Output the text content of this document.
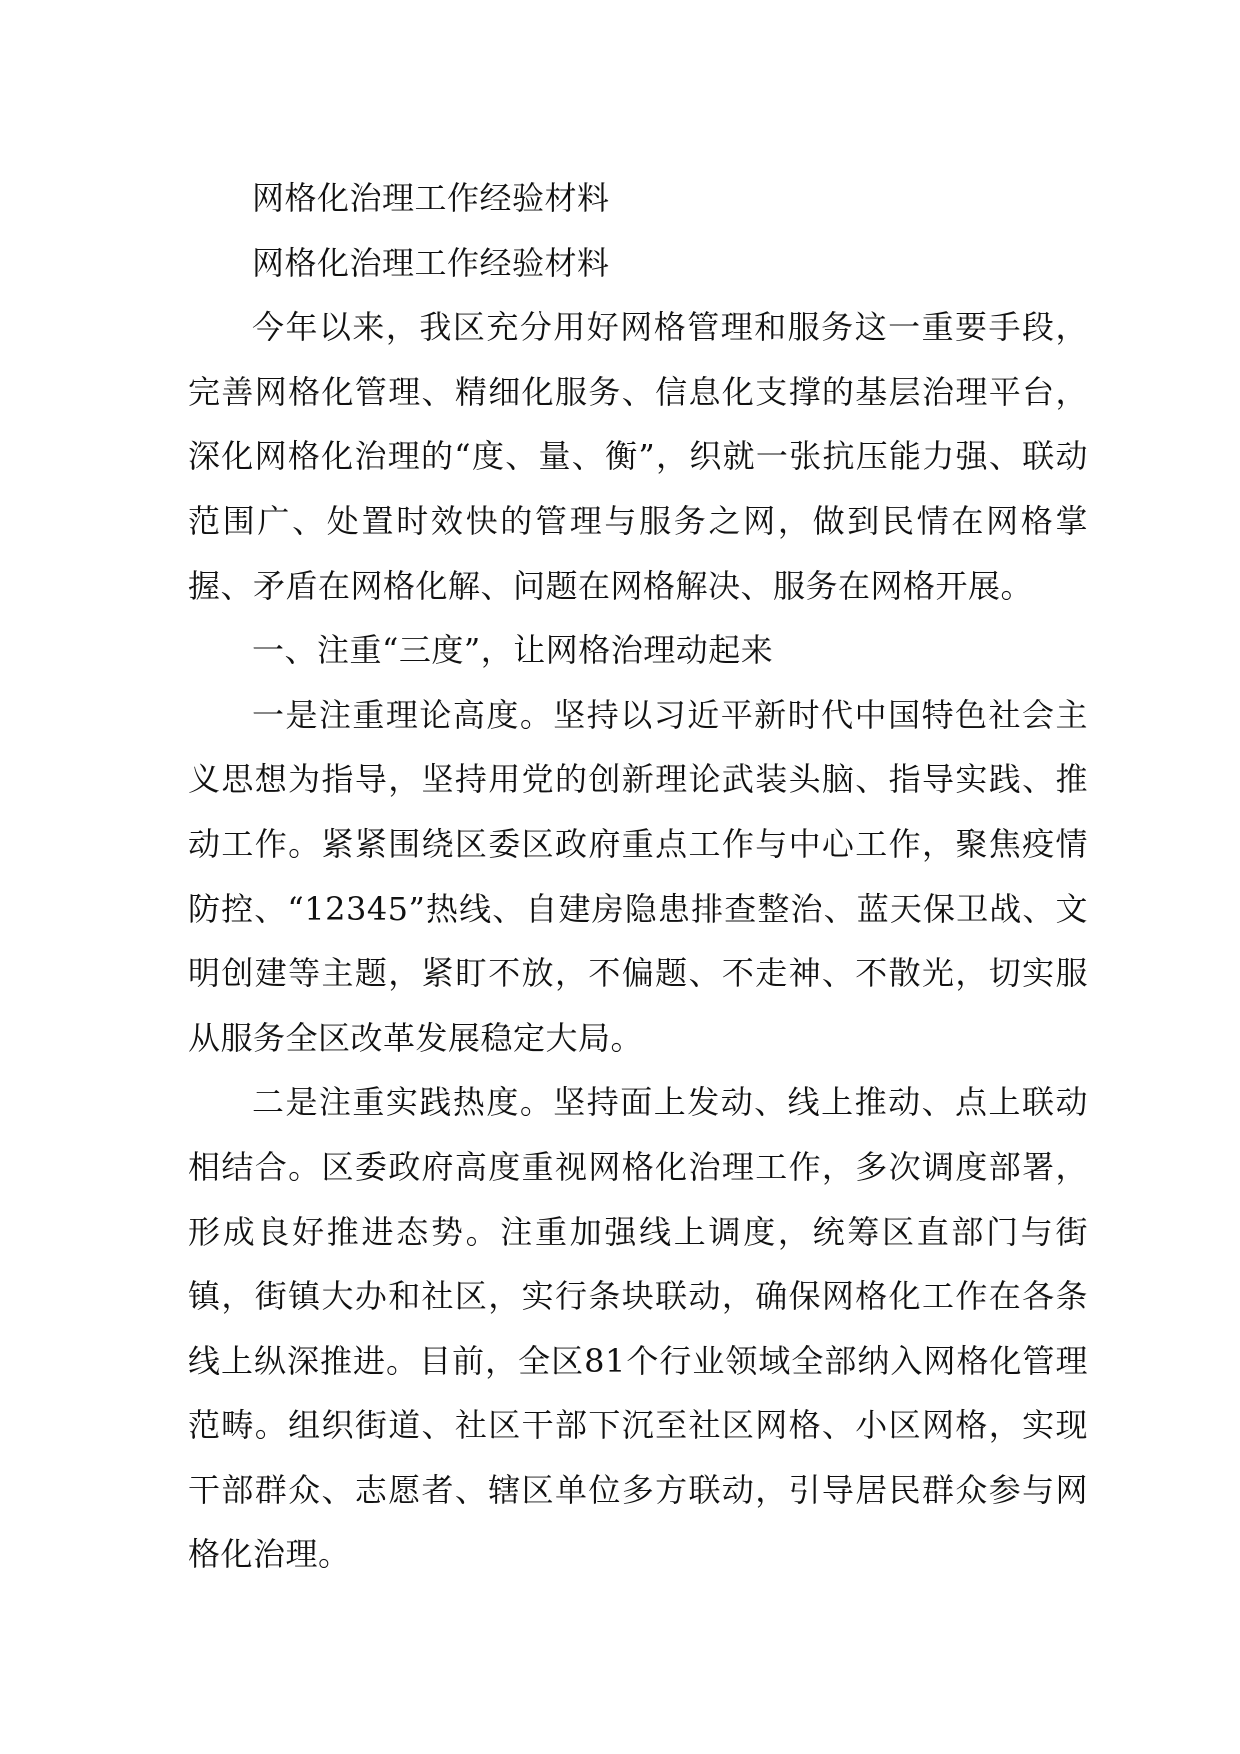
网格化治理工作经验材料

网格化治理工作经验材料

今年以来，我区充分用好网格管理和服务这一重要手段，完善网格化管理、精细化服务、信息化支撑的基层治理平台，深化网格化治理的“度、量、衡”，织就一张抗压能力强、联动范围广、处置时效快的管理与服务之网，做到民情在网格掌握、矛盾在网格化解、问题在网格解决、服务在网格开展。

一、注重“三度”，让网格治理动起来

一是注重理论高度。坚持以习近平新时代中国特色社会主义思想为指导，坚持用党的创新理论武装头脑、指导实践、推动工作。紧紧围绕区委区政府重点工作与中心工作，聚焦疫情防控、“12345”热线、自建房隐患排查整治、蓝天保卫战、文明创建等主题，紧盯不放，不偏题、不走神、不散光，切实服从服务全区改革发展稳定大局。

二是注重实践热度。坚持面上发动、线上推动、点上联动相结合。区委政府高度重视网格化治理工作，多次调度部署，形成良好推进态势。注重加强线上调度，统筹区直部门与街镇，街镇大办和社区，实行条块联动，确保网格化工作在各条线上纵深推进。目前，全区81个行业领域全部纳入网格化管理范畴。组织街道、社区干部下沉至社区网格、小区网格，实现干部群众、志愿者、辖区单位多方联动，引导居民群众参与网格化治理。
